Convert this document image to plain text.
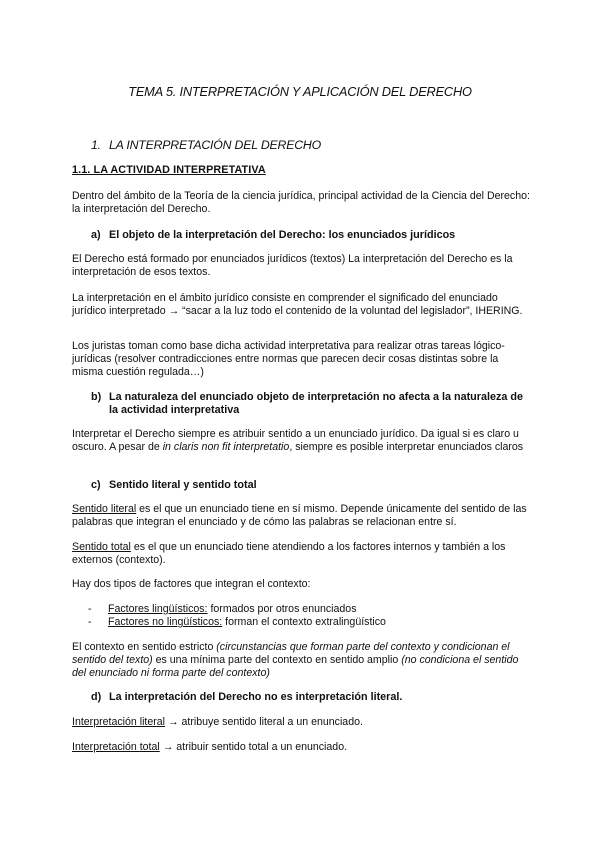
TEMA 5. INTERPRETACIÓN Y APLICACIÓN DEL DERECHO
1. LA INTERPRETACIÓN DEL DERECHO
1.1. LA ACTIVIDAD INTERPRETATIVA

Dentro del ámbito de la Teoría de la ciencia jurídica, principal actividad de la Ciencia del Derecho: la interpretación del Derecho.

a) El objeto de la interpretación del Derecho: los enunciados jurídicos

El Derecho está formado por enunciados jurídicos (textos) La interpretación del Derecho es la interpretación de esos textos.

La interpretación en el ámbito jurídico consiste en comprender el significado del enunciado jurídico interpretado → “sacar a la luz todo el contenido de la voluntad del legislador”, IHERING.

Los juristas toman como base dicha actividad interpretativa para realizar otras tareas lógico-jurídicas (resolver contradicciones entre normas que parecen decir cosas distintas sobre la misma cuestión regulada…)

b) La naturaleza del enunciado objeto de interpretación no afecta a la naturaleza de la actividad interpretativa

Interpretar el Derecho siempre es atribuir sentido a un enunciado jurídico. Da igual si es claro u oscuro. A pesar de in claris non fit interpretatio, siempre es posible interpretar enunciados claros

c) Sentido literal y sentido total

Sentido literal es el que un enunciado tiene en sí mismo. Depende únicamente del sentido de las palabras que integran el enunciado y de cómo las palabras se relacionan entre sí.

Sentido total es el que un enunciado tiene atendiendo a los factores internos y también a los externos (contexto).

Hay dos tipos de factores que integran el contexto:

- Factores lingüísticos: formados por otros enunciados
- Factores no lingüísticos: forman el contexto extralingüístico

El contexto en sentido estricto (circunstancias que forman parte del contexto y condicionan el sentido del texto) es una mínima parte del contexto en sentido amplio (no condiciona el sentido del enunciado ni forma parte del contexto)

d) La interpretación del Derecho no es interpretación literal.

Interpretación literal → atribuye sentido literal a un enunciado.

Interpretación total → atribuir sentido total a un enunciado.
